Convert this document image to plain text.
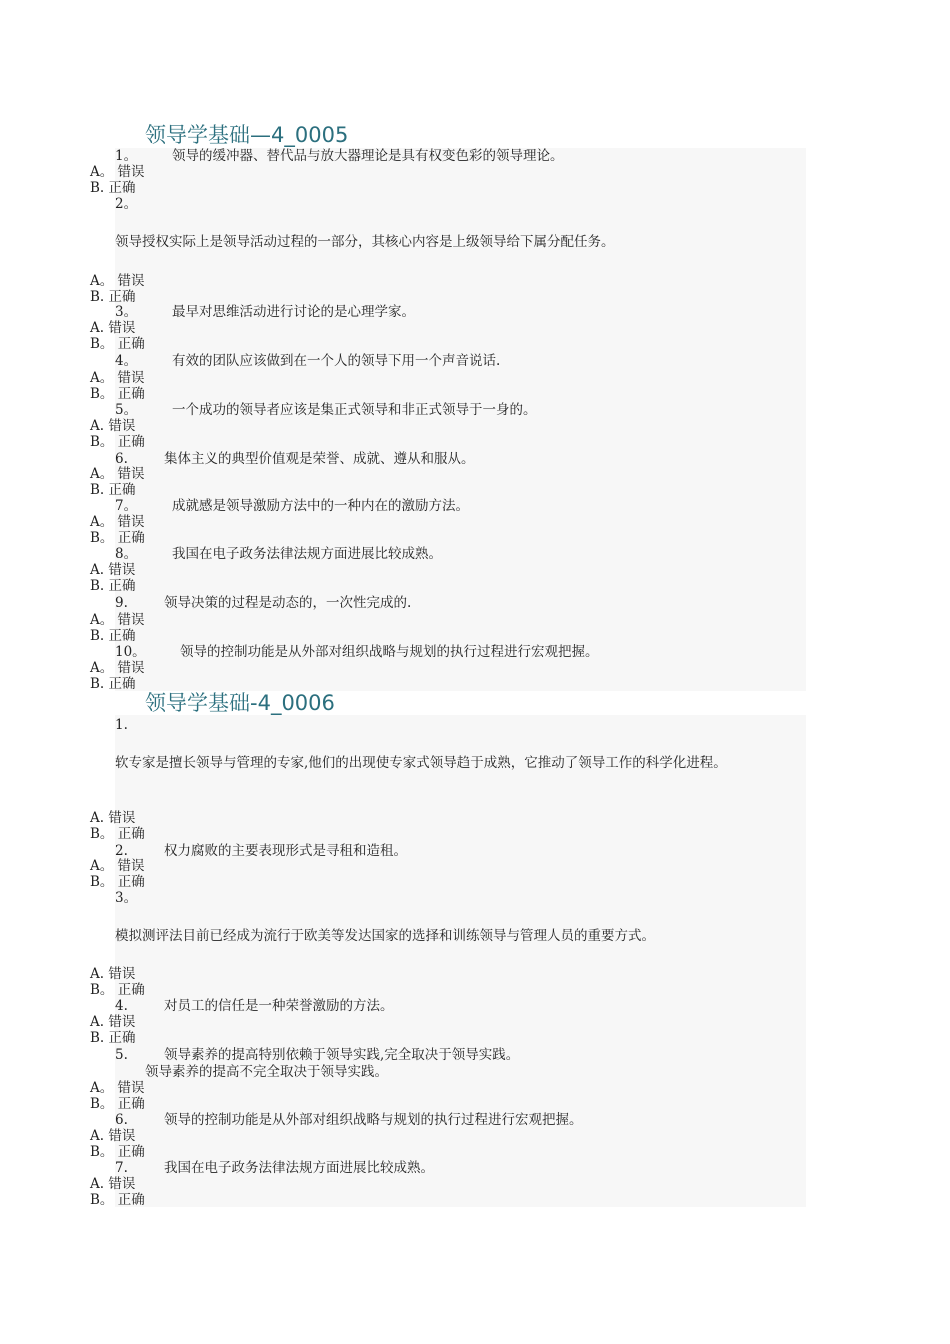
领导学基础—4_0005
1。	领导的缓冲器、替代品与放大器理论是具有权变色彩的领导理论。
A。 错误
B. 正确
2。
领导授权实际上是领导活动过程的一部分，其核心内容是上级领导给下属分配任务。
A。 错误
B. 正确
3。	最早对思维活动进行讨论的是心理学家。
A. 错误
B。 正确
4。	有效的团队应该做到在一个人的领导下用一个声音说话.
A。 错误
B。 正确
5。	一个成功的领导者应该是集正式领导和非正式领导于一身的。
A. 错误
B。 正确
6.	集体主义的典型价值观是荣誉、成就、遵从和服从。
A。 错误
B. 正确
7。	成就感是领导激励方法中的一种内在的激励方法。
A。 错误
B。 正确
8。	我国在电子政务法律法规方面进展比较成熟。
A. 错误
B. 正确
9.	领导决策的过程是动态的，一次性完成的.
A。 错误
B. 正确
10。	领导的控制功能是从外部对组织战略与规划的执行过程进行宏观把握。
A。 错误
B. 正确
领导学基础-4_0006
1.
软专家是擅长领导与管理的专家,他们的出现使专家式领导趋于成熟，它推动了领导工作的科学化进程。
A. 错误
B。 正确
2.	权力腐败的主要表现形式是寻租和造租。
A。 错误
B。 正确
3。
模拟测评法目前已经成为流行于欧美等发达国家的选择和训练领导与管理人员的重要方式。
A. 错误
B。 正确
4.	对员工的信任是一种荣誉激励的方法。
A. 错误
B. 正确
5.	领导素养的提高特别依赖于领导实践,完全取决于领导实践。
领导素养的提高不完全取决于领导实践。
A。 错误
B。 正确
6.	领导的控制功能是从外部对组织战略与规划的执行过程进行宏观把握。
A. 错误
B。 正确
7.	我国在电子政务法律法规方面进展比较成熟。
A. 错误
B。 正确
